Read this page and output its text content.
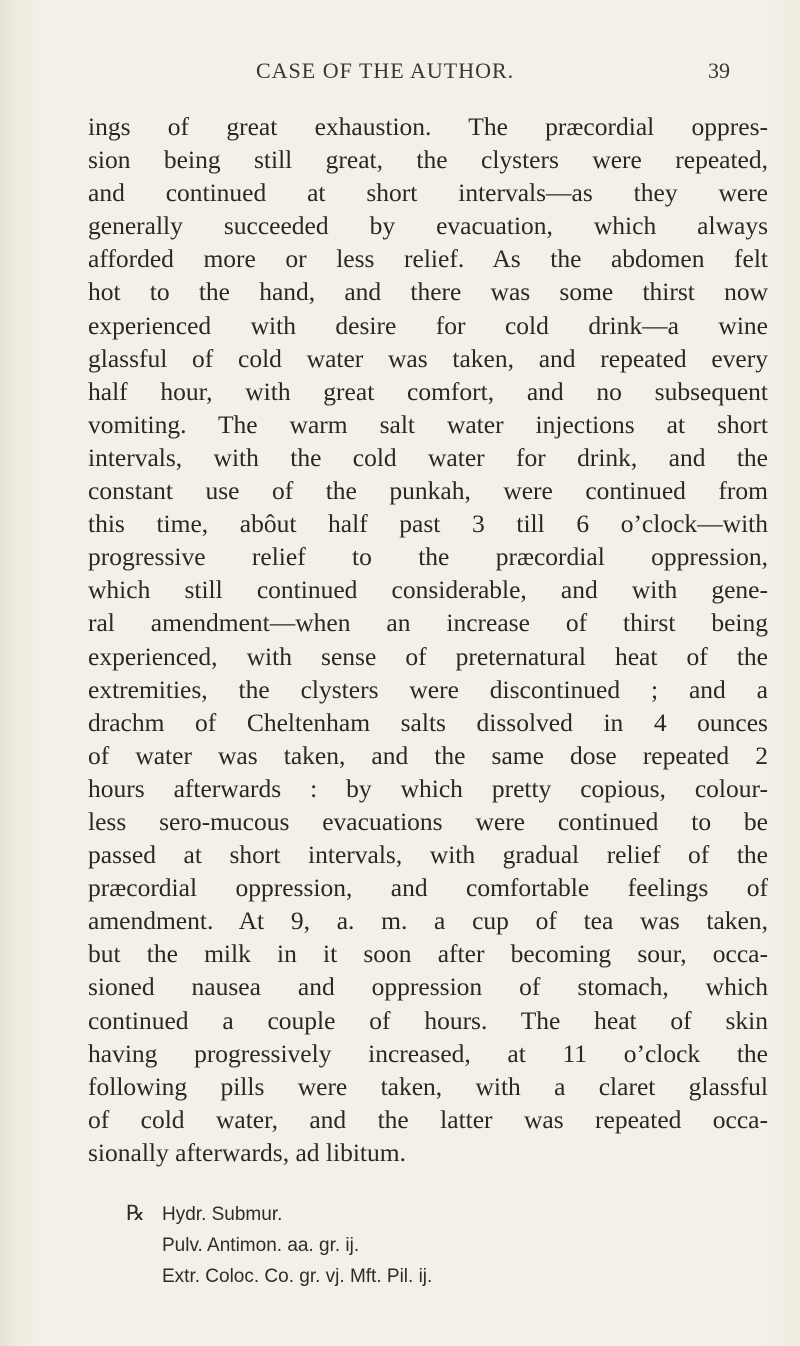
CASE OF THE AUTHOR.	39
ings of great exhaustion. The præcordial oppres-
sion being still great, the clysters were repeated,
and continued at short intervals—as they were
generally succeeded by evacuation, which always
afforded more or less relief. As the abdomen felt
hot to the hand, and there was some thirst now
experienced with desire for cold drink—a wine
glassful of cold water was taken, and repeated every
half hour, with great comfort, and no subsequent
vomiting. The warm salt water injections at short
intervals, with the cold water for drink, and the
constant use of the punkah, were continued from
this time, abôut half past 3 till 6 o’clock—with
progressive relief to the præcordial oppression,
which still continued considerable, and with gene-
ral amendment—when an increase of thirst being
experienced, with sense of preternatural heat of the
extremities, the clysters were discontinued ; and a
drachm of Cheltenham salts dissolved in 4 ounces
of water was taken, and the same dose repeated 2
hours afterwards : by which pretty copious, colour-
less sero-mucous evacuations were continued to be
passed at short intervals, with gradual relief of the
præcordial oppression, and comfortable feelings of
amendment. At 9, a. m. a cup of tea was taken,
but the milk in it soon after becoming sour, occa-
sioned nausea and oppression of stomach, which
continued a couple of hours. The heat of skin
having progressively increased, at 11 o’clock the
following pills were taken, with a claret glassful
of cold water, and the latter was repeated occa-
sionally afterwards, ad libitum.
℞ Hydr. Submur.
Pulv. Antimon. aa. gr. ij.
Extr. Coloc. Co. gr. vj. Mft. Pil. ij.
